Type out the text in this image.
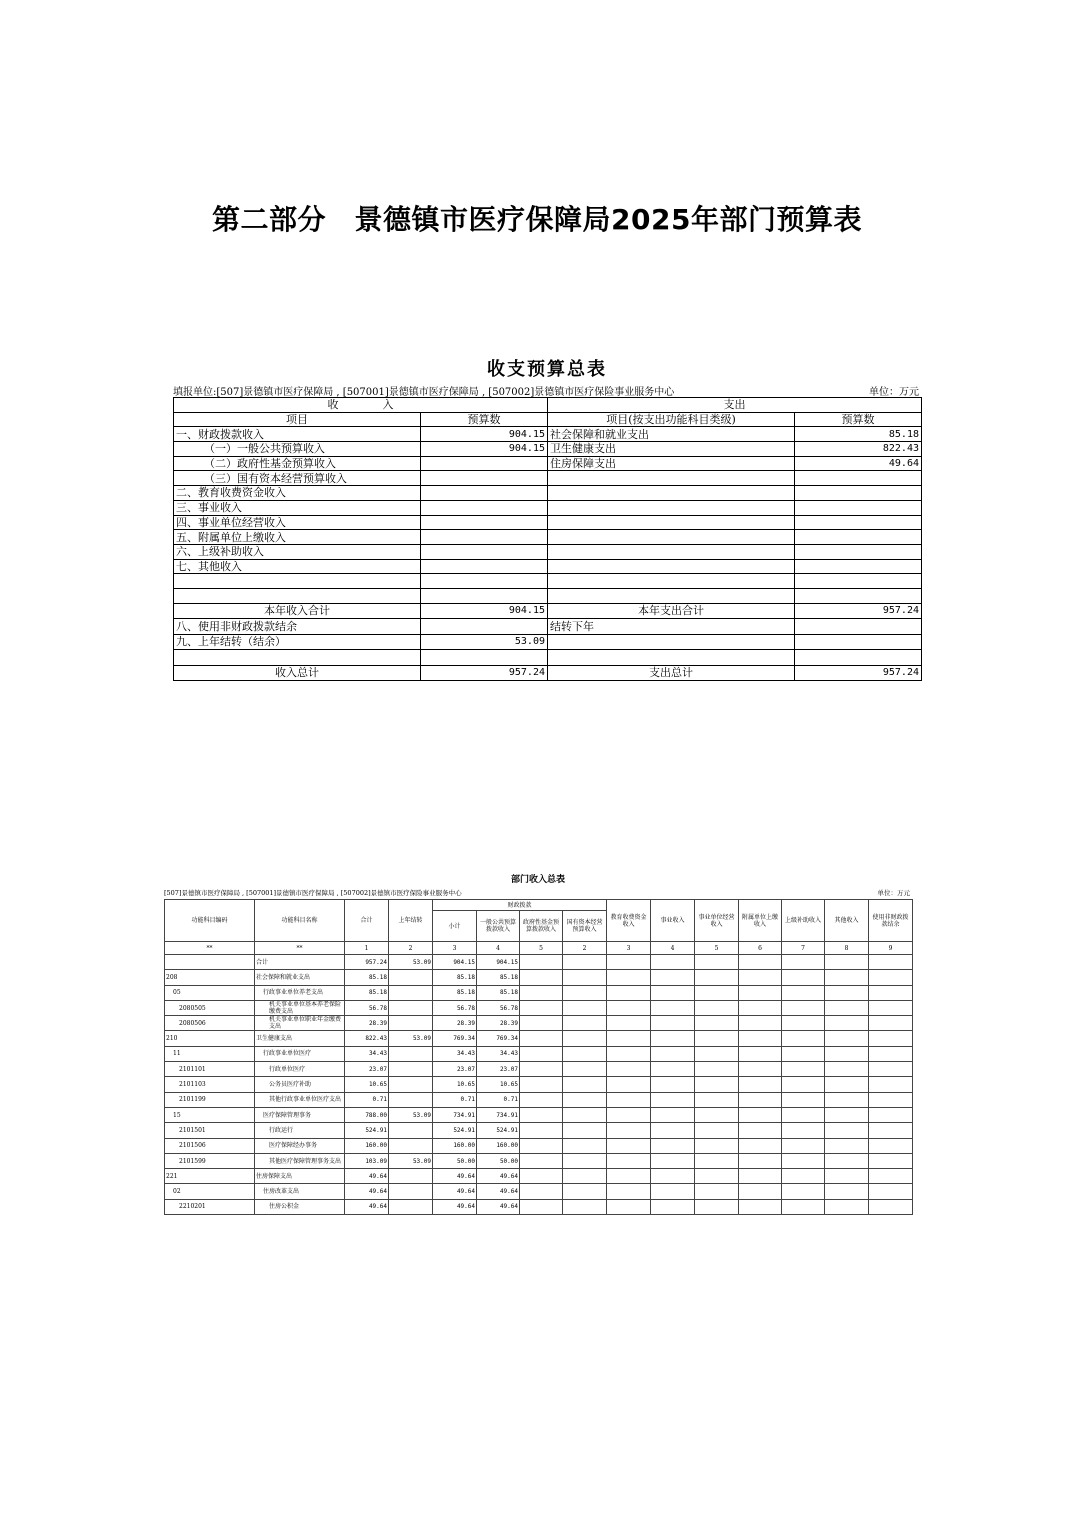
第二部分　景德镇市医疗保障局2025年部门预算表
收支预算总表
填报单位:[507]景德镇市医疗保障局 , [507001]景德镇市医疗保障局 , [507002]景德镇市医疗保险事业服务中心	单位：万元
收　　　　入		支出	
项目	预算数	项目(按支出功能科目类级)	预算数
一、财政拨款收入	904.15	社会保障和就业支出	85.18
（一）一般公共预算收入	904.15	卫生健康支出	822.43
（二）政府性基金预算收入		住房保障支出	49.64
（三）国有资本经营预算收入			
二、教育收费资金收入			
三、事业收入			
四、事业单位经营收入			
五、附属单位上缴收入			
六、上级补助收入			
七、其他收入			

本年收入合计	904.15	本年支出合计	957.24
八、使用非财政拨款结余		结转下年	
九、上年结转（结余）	53.09		

收入总计	957.24	支出总计	957.24
部门收入总表
[507]景德镇市医疗保障局 , [507001]景德镇市医疗保障局 , [507002]景德镇市医疗保险事业服务中心	单位：万元
功能科目编码	功能科目名称	合计	上年结转	财政拨款				教育收费资金收入	事业收入	事业单位经营收入	附属单位上缴收入	上级补助收入	其他收入	使用非财政拨款结余
				小计	一般公共预算拨款收入	政府性基金预算拨款收入	国有资本经营预算收入							
**	**	1	2	3	4	5	2	3	4	5	6	7	8	9
	合计	957.24	53.09	904.15	904.15									
208	社会保障和就业支出	85.18		85.18	85.18									
05	行政事业单位养老支出	85.18		85.18	85.18									
2080505	机关事业单位基本养老保险缴费支出	56.78		56.78	56.78									
2080506	机关事业单位职业年金缴费支出	28.39		28.39	28.39									
210	卫生健康支出	822.43	53.09	769.34	769.34									
11	行政事业单位医疗	34.43		34.43	34.43									
2101101	行政单位医疗	23.07		23.07	23.07									
2101103	公务员医疗补助	10.65		10.65	10.65									
2101199	其他行政事业单位医疗支出	0.71		0.71	0.71									
15	医疗保障管理事务	788.00	53.09	734.91	734.91									
2101501	行政运行	524.91		524.91	524.91									
2101506	医疗保障经办事务	160.00		160.00	160.00									
2101599	其他医疗保障管理事务支出	103.09	53.09	50.00	50.00									
221	住房保障支出	49.64		49.64	49.64									
02	住房改革支出	49.64		49.64	49.64									
2210201	住房公积金	49.64		49.64	49.64									
